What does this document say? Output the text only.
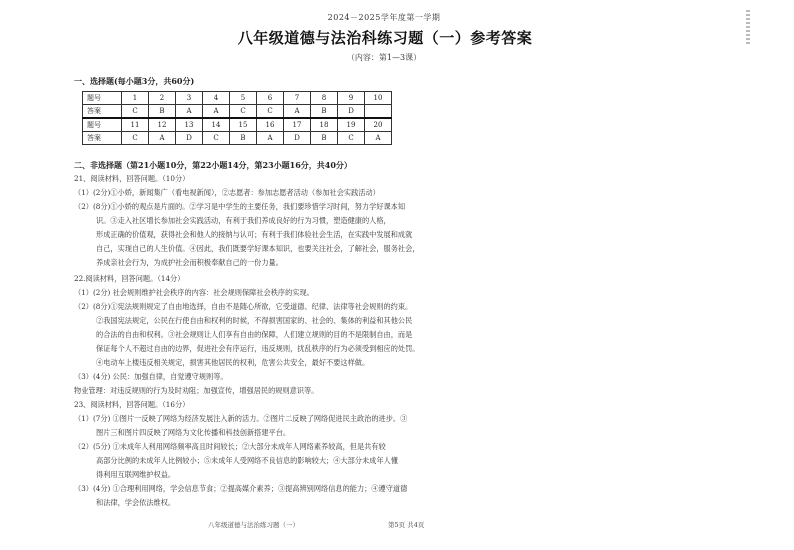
2024－2025学年度第一学期
八年级道德与法治科练习题（一）参考答案
（内容：第1—3课）
一、选择题(每小题3分，共60分)
题号	1	2	3	4	5	6	7	8	9	10
答案	C	B	A	A	C	C	A	B	D	
题号	11	12	13	14	15	16	17	18	19	20
答案	C	A	D	C	B	A	D	B	C	A
二、非选择题（第21小题10分，第22小题14分，第23小题16分，共40分）
21、阅读材料，回答问题。（10分）
（1）(2分)①小娇，新闻集广（看电视新闻），②志愿者：参加志愿者活动（参加社会实践活动）
（2）(8分)①小娇的观点是片面的。②学习是中学生的主要任务，我们要珍惜学习时间，努力学好课本知
识。③走入社区增长参加社会实践活动，有利于我们养成良好的行为习惯，塑造健康的人格，
形成正确的价值观，获得社会和他人的接纳与认可；有利于我们体验社会生活，在实践中发展和成就
自己，实现自己的人生价值。④因此，我们既要学好课本知识，也要关注社会，了解社会，服务社会，
养成亲社会行为，为成护社会而积极奉献自己的一份力量。
22.阅读材料，回答问题。（14分）
（1）(2分) 社会规则维护社会秩序的内容：社会规则保障社会秩序的实现。
（2）(8分)①宪法规则规定了自由地选择，自由不是随心所欲，它受道德、纪律、法律等社会规则的约束。
②我国宪法规定，公民在行使自由和权利的时候，不得损害国家的、社会的、集体的利益和其他公民
的合法的自由和权利。③社会规则让人们享有自由的保障，人们建立规则的目的不是限制自由，而是
保证每个人不超过自由的边界，促进社会有序运行，违反规则，扰乱秩序的行为必须受到相应的处罚。
④电动车上楼违反相关规定，损害其他居民的权利，危害公共安全，最好不要这样做。
（3）(4分) 公民：加强自律，自觉遵守规则等。
物业管理：对违反规则的行为及时劝阻；加强宣传，增强居民的规则意识等。
23、阅读材料，回答问题。（16分）
（1）(7分) ①图片一反映了网络为经济发展注入新的活力。②图片二反映了网络促进民主政治的进步。③
图片三和图片四反映了网络为文化传播和科技创新搭建平台。
（2）(5分) ①未成年人利用网络频率高且时间较长；②大部分未成年人网络素养较高，但是共有较
高部分比例的未成年人比例较小；⑤未成年人受网络不良信息的影响较大；④大部分未成年人懂
得利用互联网维护权益。
（3）(4分) ①合理利用网络，学会信息节食；②提高媒介素养；③提高辨别网络信息的能力；④遵守道德
和法律，学会依法维权。
八年级道德与法治练习题（一）	第5页 共4页
